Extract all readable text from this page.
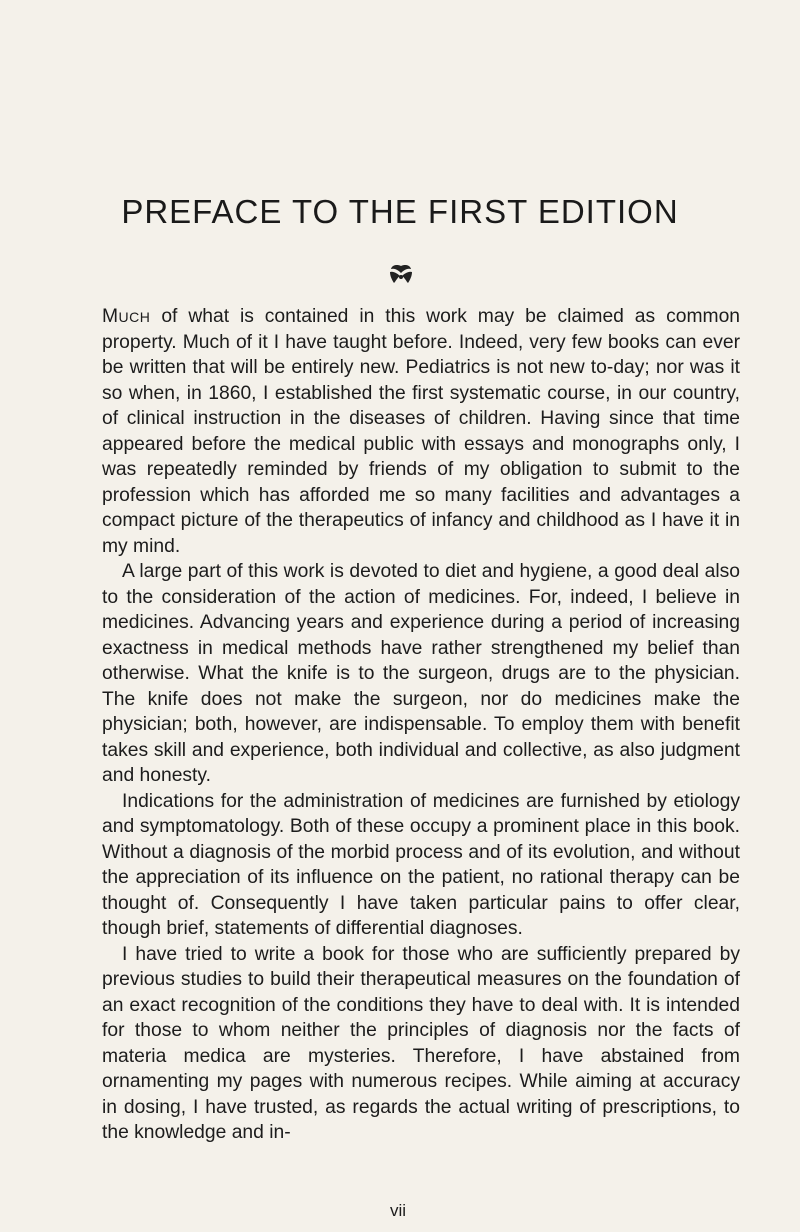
PREFACE TO THE FIRST EDITION

Much of what is contained in this work may be claimed as common property. Much of it I have taught before. Indeed, very few books can ever be written that will be entirely new. Pediatrics is not new to-day; nor was it so when, in 1860, I established the first systematic course, in our country, of clinical instruction in the diseases of children. Having since that time appeared before the medical public with essays and monographs only, I was repeatedly reminded by friends of my obligation to submit to the profession which has afforded me so many facilities and advantages a compact picture of the therapeutics of infancy and childhood as I have it in my mind.

A large part of this work is devoted to diet and hygiene, a good deal also to the consideration of the action of medicines. For, indeed, I believe in medicines. Advancing years and experience during a period of increasing exactness in medical methods have rather strengthened my belief than otherwise. What the knife is to the surgeon, drugs are to the physician. The knife does not make the surgeon, nor do medicines make the physician; both, however, are indispensable. To employ them with benefit takes skill and experience, both individual and collective, as also judgment and honesty.

Indications for the administration of medicines are furnished by etiology and symptomatology. Both of these occupy a prominent place in this book. Without a diagnosis of the morbid process and of its evolution, and without the appreciation of its influence on the patient, no rational therapy can be thought of. Consequently I have taken particular pains to offer clear, though brief, statements of differential diagnoses.

I have tried to write a book for those who are sufficiently prepared by previous studies to build their therapeutical measures on the foundation of an exact recognition of the conditions they have to deal with. It is intended for those to whom neither the principles of diagnosis nor the facts of materia medica are mysteries. Therefore, I have abstained from ornamenting my pages with numerous recipes. While aiming at accuracy in dosing, I have trusted, as regards the actual writing of prescriptions, to the knowledge and in-

vii
